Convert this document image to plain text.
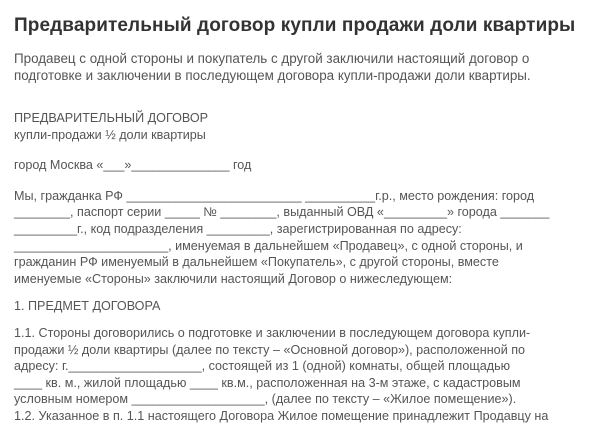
Предварительный договор купли продажи доли квартиры
Продавец с одной стороны и покупатель с другой заключили настоящий договор о подготовке и заключении в последующем договора купли-продажи доли квартиры.
ПРЕДВАРИТЕЛЬНЫЙ ДОГОВОР
купли-продажи ½ доли квартиры
город Москва «___»______________ год
Мы, гражданка РФ _________________________ __________г.р., место рождения: город
________, паспорт серии _____ № ________, выданный ОВД «_________» города _______
_________г., код подразделения _________, зарегистрированная по адресу:
______________________, именуемая в дальнейшем «Продавец», с одной стороны, и
гражданин РФ именуемый в дальнейшем «Покупатель», с другой стороны, вместе
именуемые «Стороны» заключили настоящий Договор о нижеследующем:
1. ПРЕДМЕТ ДОГОВОРА
1.1. Стороны договорились о подготовке и заключении в последующем договора купли-
продажи ½ доли квартиры (далее по тексту – «Основной договор»), расположенной по
адресу: г.___________________, состоящей из 1 (одной) комнаты, общей площадью
____ кв. м., жилой площадью ____ кв.м., расположенная на 3-м этаже, с кадастровым
условным номером ___________________, (далее по тексту – «Жилое помещение»).
1.2. Указанное в п. 1.1 настоящего Договора Жилое помещение принадлежит Продавцу на
